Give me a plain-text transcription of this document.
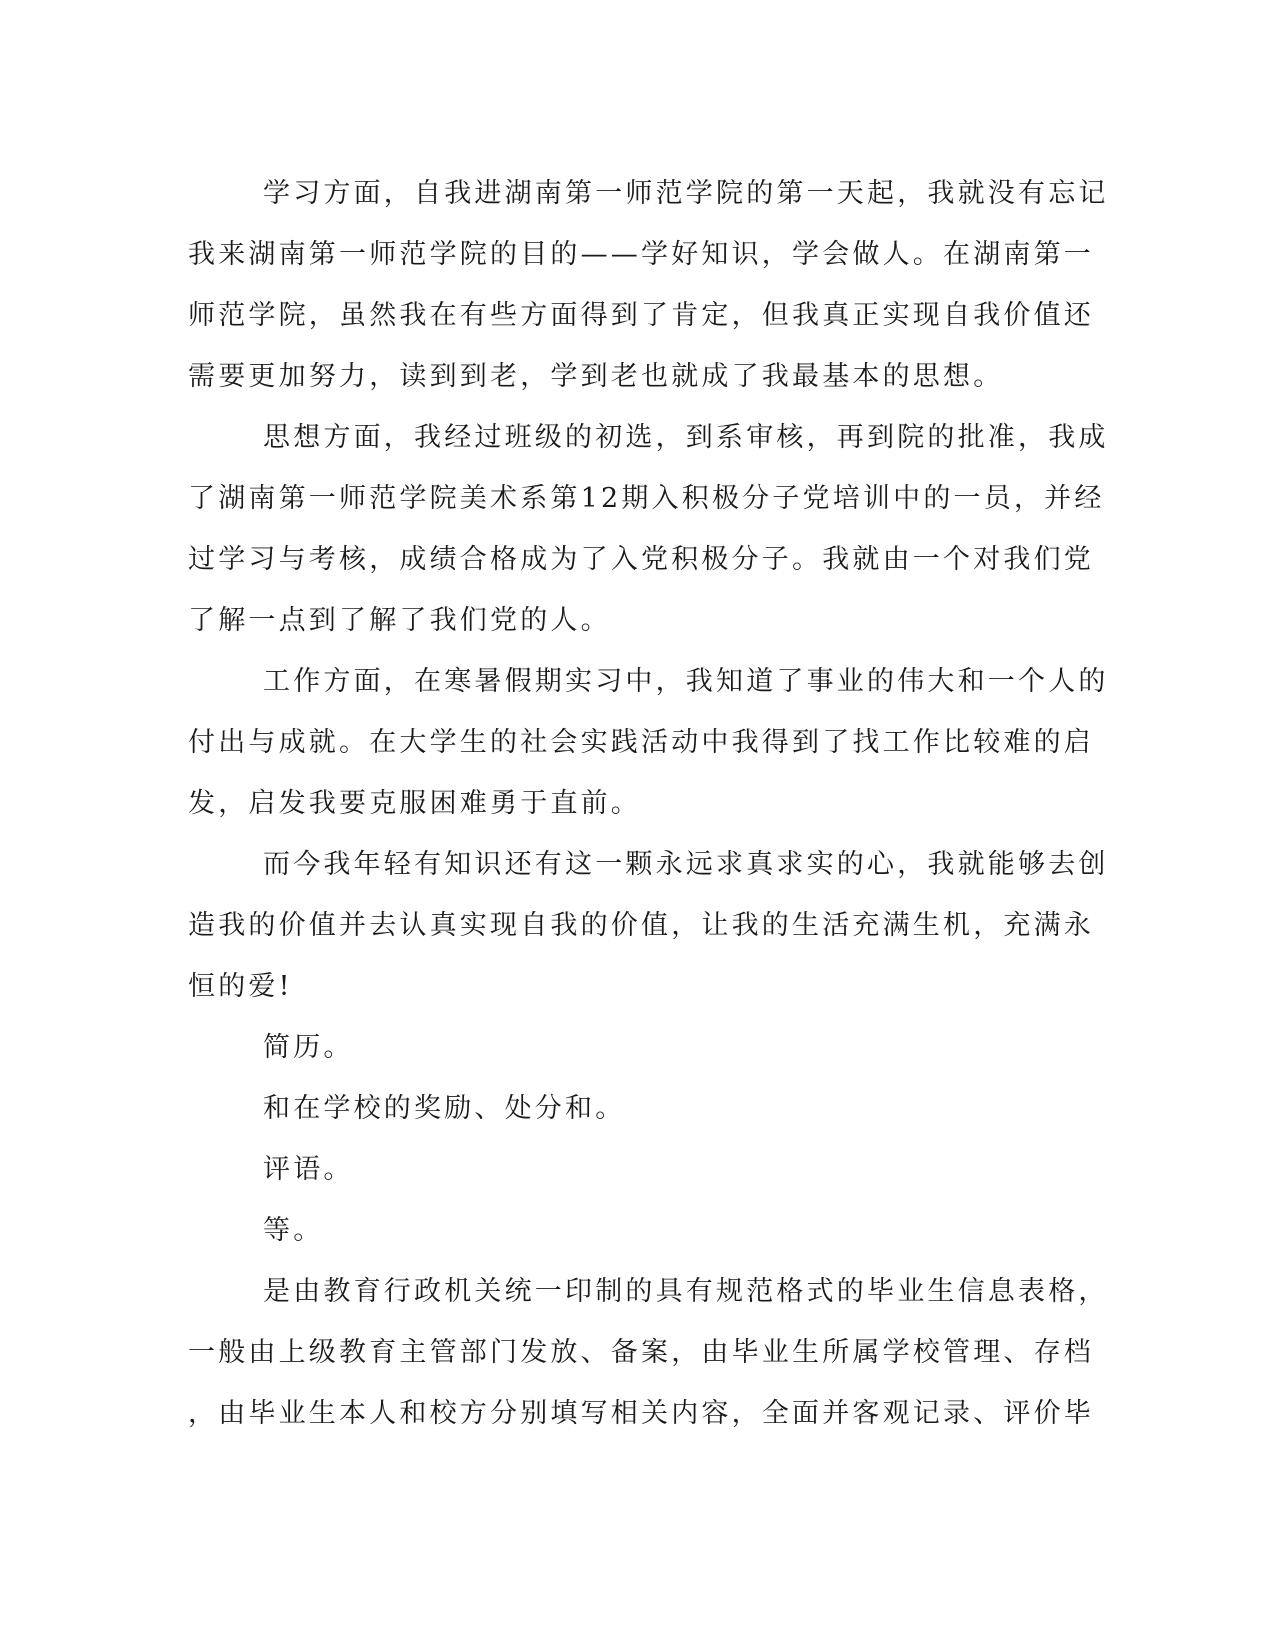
学习方面，自我进湖南第一师范学院的第一天起，我就没有忘记
我来湖南第一师范学院的目的——学好知识，学会做人。在湖南第一
师范学院，虽然我在有些方面得到了肯定，但我真正实现自我价值还
需要更加努力，读到到老，学到老也就成了我最基本的思想。
思想方面，我经过班级的初选，到系审核，再到院的批准，我成
了湖南第一师范学院美术系第12期入积极分子党培训中的一员，并经
过学习与考核，成绩合格成为了入党积极分子。我就由一个对我们党
了解一点到了解了我们党的人。
工作方面，在寒暑假期实习中，我知道了事业的伟大和一个人的
付出与成就。在大学生的社会实践活动中我得到了找工作比较难的启
发，启发我要克服困难勇于直前。
而今我年轻有知识还有这一颗永远求真求实的心，我就能够去创
造我的价值并去认真实现自我的价值，让我的生活充满生机，充满永
恒的爱!
简历。
和在学校的奖励、处分和。
评语。
等。
是由教育行政机关统一印制的具有规范格式的毕业生信息表格，
一般由上级教育主管部门发放、备案，由毕业生所属学校管理、存档
，由毕业生本人和校方分别填写相关内容，全面并客观记录、评价毕
